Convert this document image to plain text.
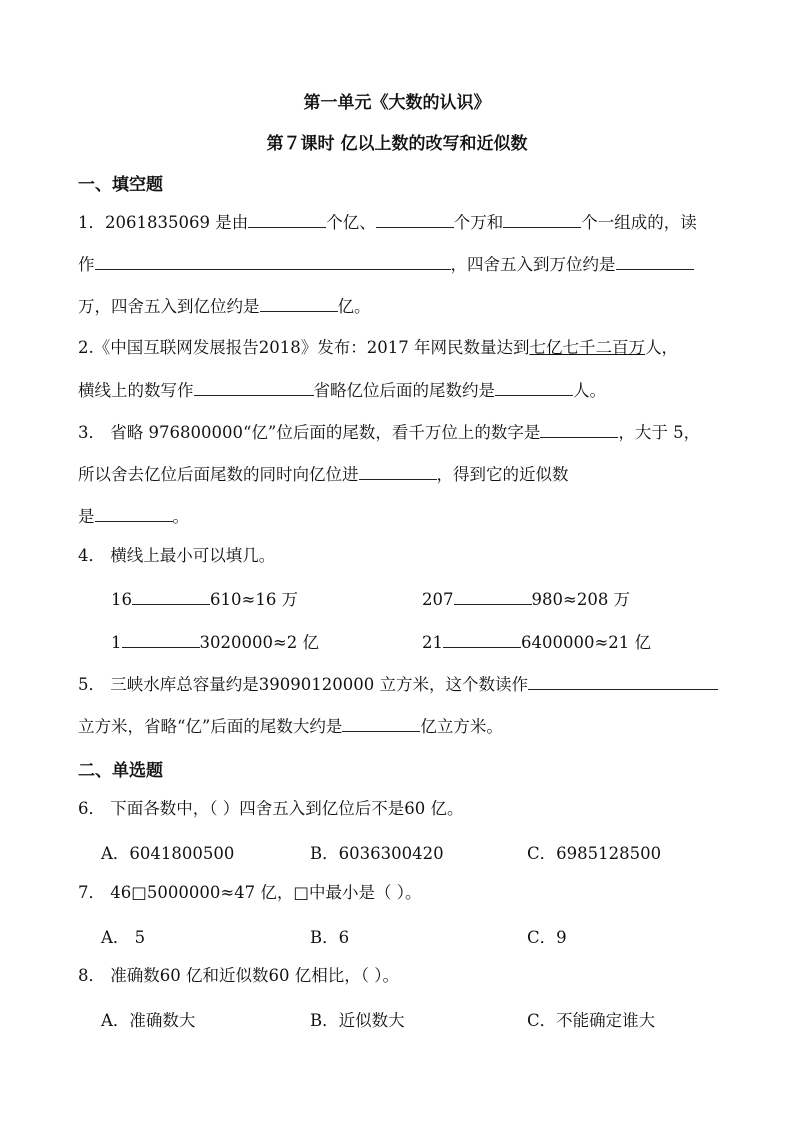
第一单元《大数的认识》
第７课时 亿以上数的改写和近似数
一、填空题
1．2061835069 是由	个亿、	个万和	个一组成的，读
作	，四舍五入到万位约是
万，四舍五入到亿位约是	亿。
2.《中国互联网发展报告2018》发布：2017 年网民数量达到七亿七千二百万人，
横线上的数写作	省略亿位后面的尾数约是	人。
3． 省略 976800000“亿”位后面的尾数，看千万位上的数字是	，大于 5，
所以舍去亿位后面尾数的同时向亿位进	，得到它的近似数
是	。
4． 横线上最小可以填几。
16	610≈16 万	207	980≈208 万
1	3020000≈2 亿	21	6400000≈21 亿
5． 三峡水库总容量约是39090120000 立方米，这个数读作
立方米，省略“亿”后面的尾数大约是	亿立方米。
二、单选题
6． 下面各数中，（ ）四舍五入到亿位后不是60 亿。
A．6041800500	B．6036300420	C．6985128500
7． 46□5000000≈47 亿，□中最小是（ ）。
A． 5	B．6	C．9
8． 准确数60 亿和近似数60 亿相比，（ ）。
A．准确数大	B．近似数大	C．不能确定谁大
